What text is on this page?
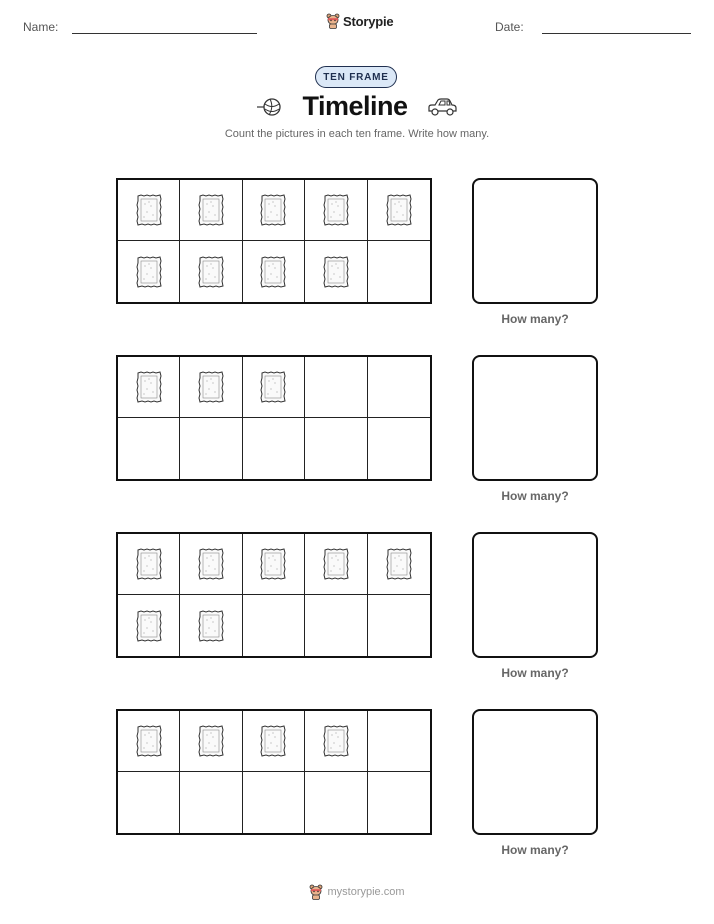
Name:	Storypie	Date:
TEN FRAME
Timeline
Count the pictures in each ten frame. Write how many.
How many?
How many?
How many?
How many?
mystorypie.com
